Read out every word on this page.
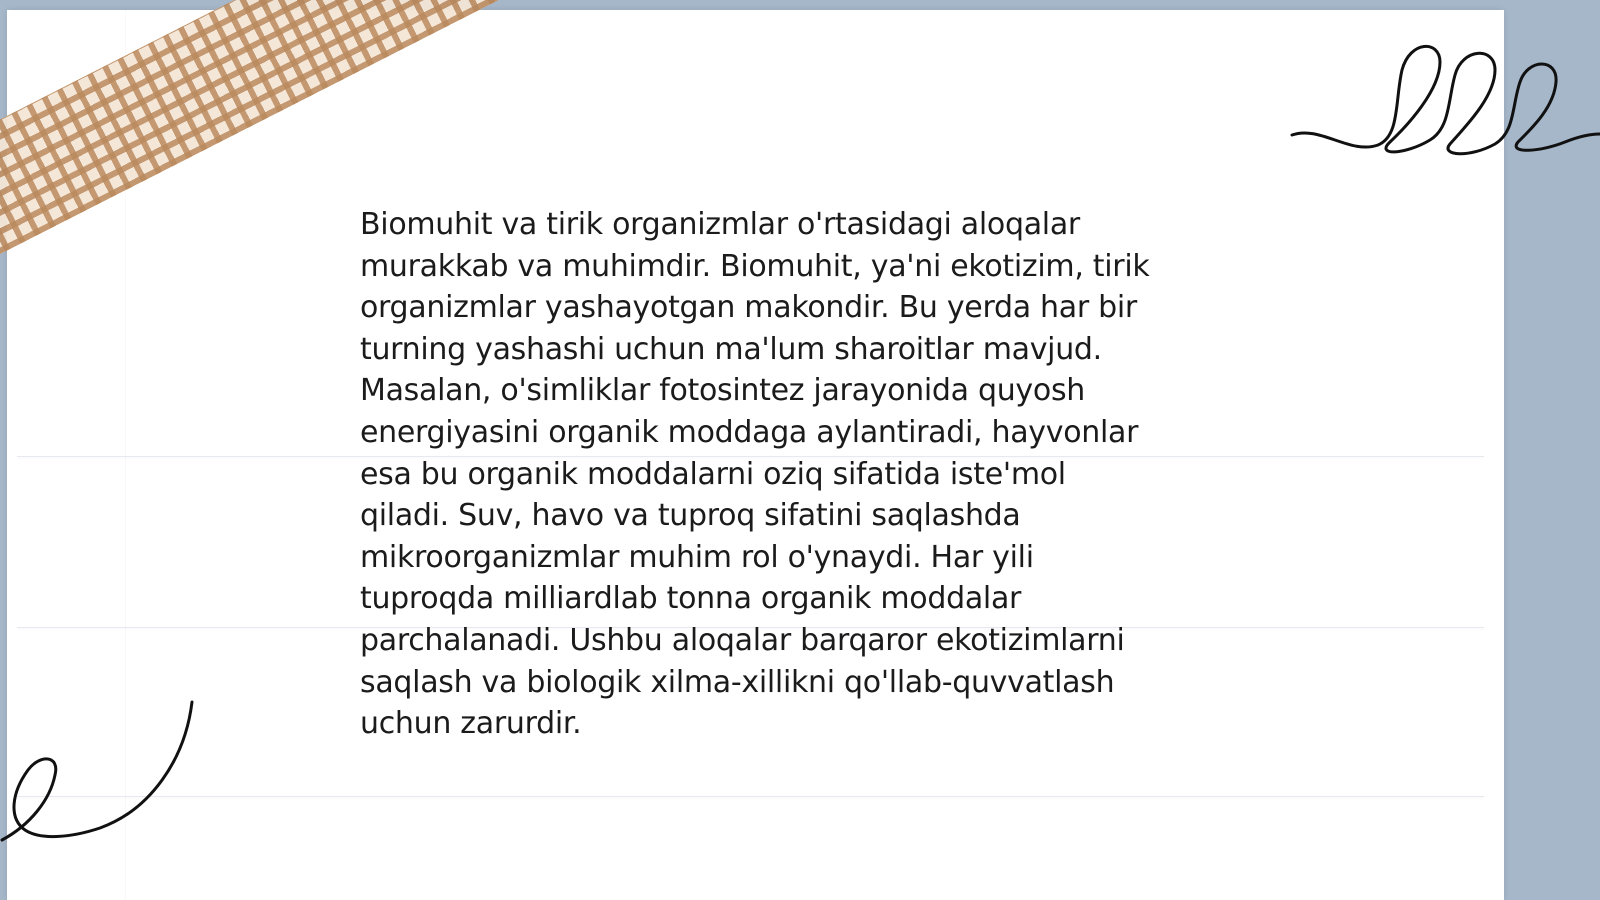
Biomuhit va tirik organizmlar o'rtasidagi aloqalar
murakkab va muhimdir. Biomuhit, ya'ni ekotizim, tirik
organizmlar yashayotgan makondir. Bu yerda har bir
turning yashashi uchun ma'lum sharoitlar mavjud.
Masalan, o'simliklar fotosintez jarayonida quyosh
energiyasini organik moddaga aylantiradi, hayvonlar
esa bu organik moddalarni oziq sifatida iste'mol
qiladi. Suv, havo va tuproq sifatini saqlashda
mikroorganizmlar muhim rol o'ynaydi. Har yili
tuproqda milliardlab tonna organik moddalar
parchalanadi. Ushbu aloqalar barqaror ekotizimlarni
saqlash va biologik xilma-xillikni qo'llab-quvvatlash
uchun zarurdir.
